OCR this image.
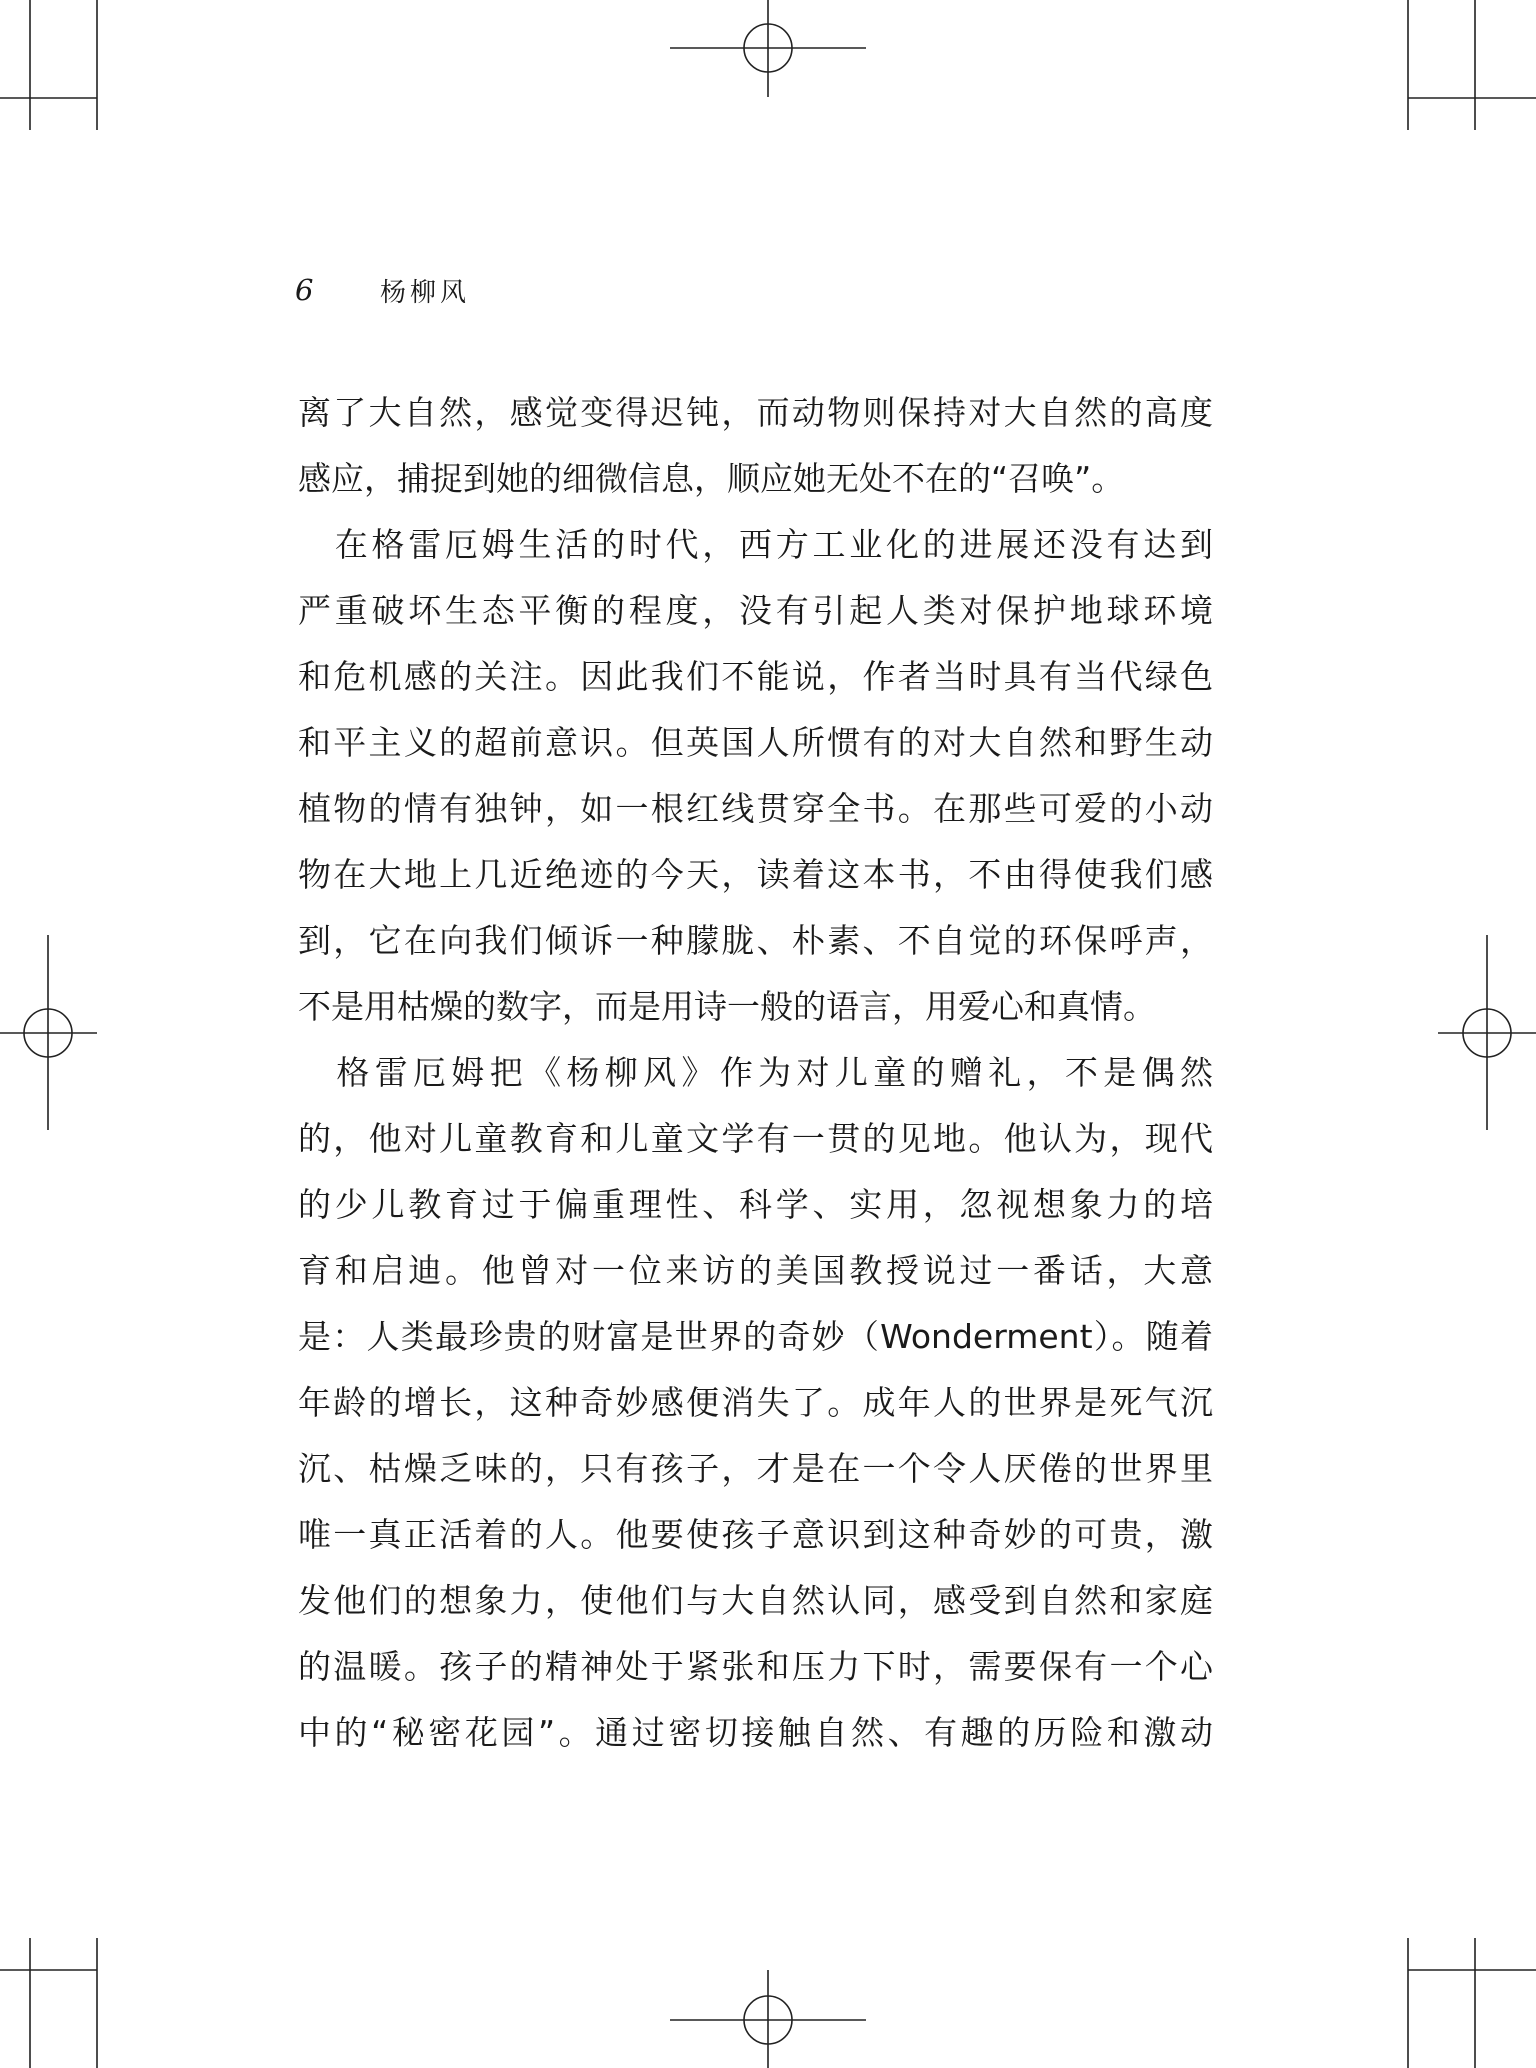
6	杨柳风
离了大自然，感觉变得迟钝，而动物则保持对大自然的高度
感应，捕捉到她的细微信息，顺应她无处不在的“召唤”。
　在格雷厄姆生活的时代，西方工业化的进展还没有达到
严重破坏生态平衡的程度，没有引起人类对保护地球环境
和危机感的关注。因此我们不能说，作者当时具有当代绿色
和平主义的超前意识。但英国人所惯有的对大自然和野生动
植物的情有独钟，如一根红线贯穿全书。在那些可爱的小动
物在大地上几近绝迹的今天，读着这本书，不由得使我们感
到，它在向我们倾诉一种朦胧、朴素、不自觉的环保呼声，
不是用枯燥的数字，而是用诗一般的语言，用爱心和真情。
　格雷厄姆把《杨柳风》作为对儿童的赠礼，不是偶然
的，他对儿童教育和儿童文学有一贯的见地。他认为，现代
的少儿教育过于偏重理性、科学、实用，忽视想象力的培
育和启迪。他曾对一位来访的美国教授说过一番话，大意
是：人类最珍贵的财富是世界的奇妙（Wonderment）。随着
年龄的增长，这种奇妙感便消失了。成年人的世界是死气沉
沉、枯燥乏味的，只有孩子，才是在一个令人厌倦的世界里
唯一真正活着的人。他要使孩子意识到这种奇妙的可贵，激
发他们的想象力，使他们与大自然认同，感受到自然和家庭
的温暖。孩子的精神处于紧张和压力下时，需要保有一个心
中的“秘密花园”。通过密切接触自然、有趣的历险和激动
